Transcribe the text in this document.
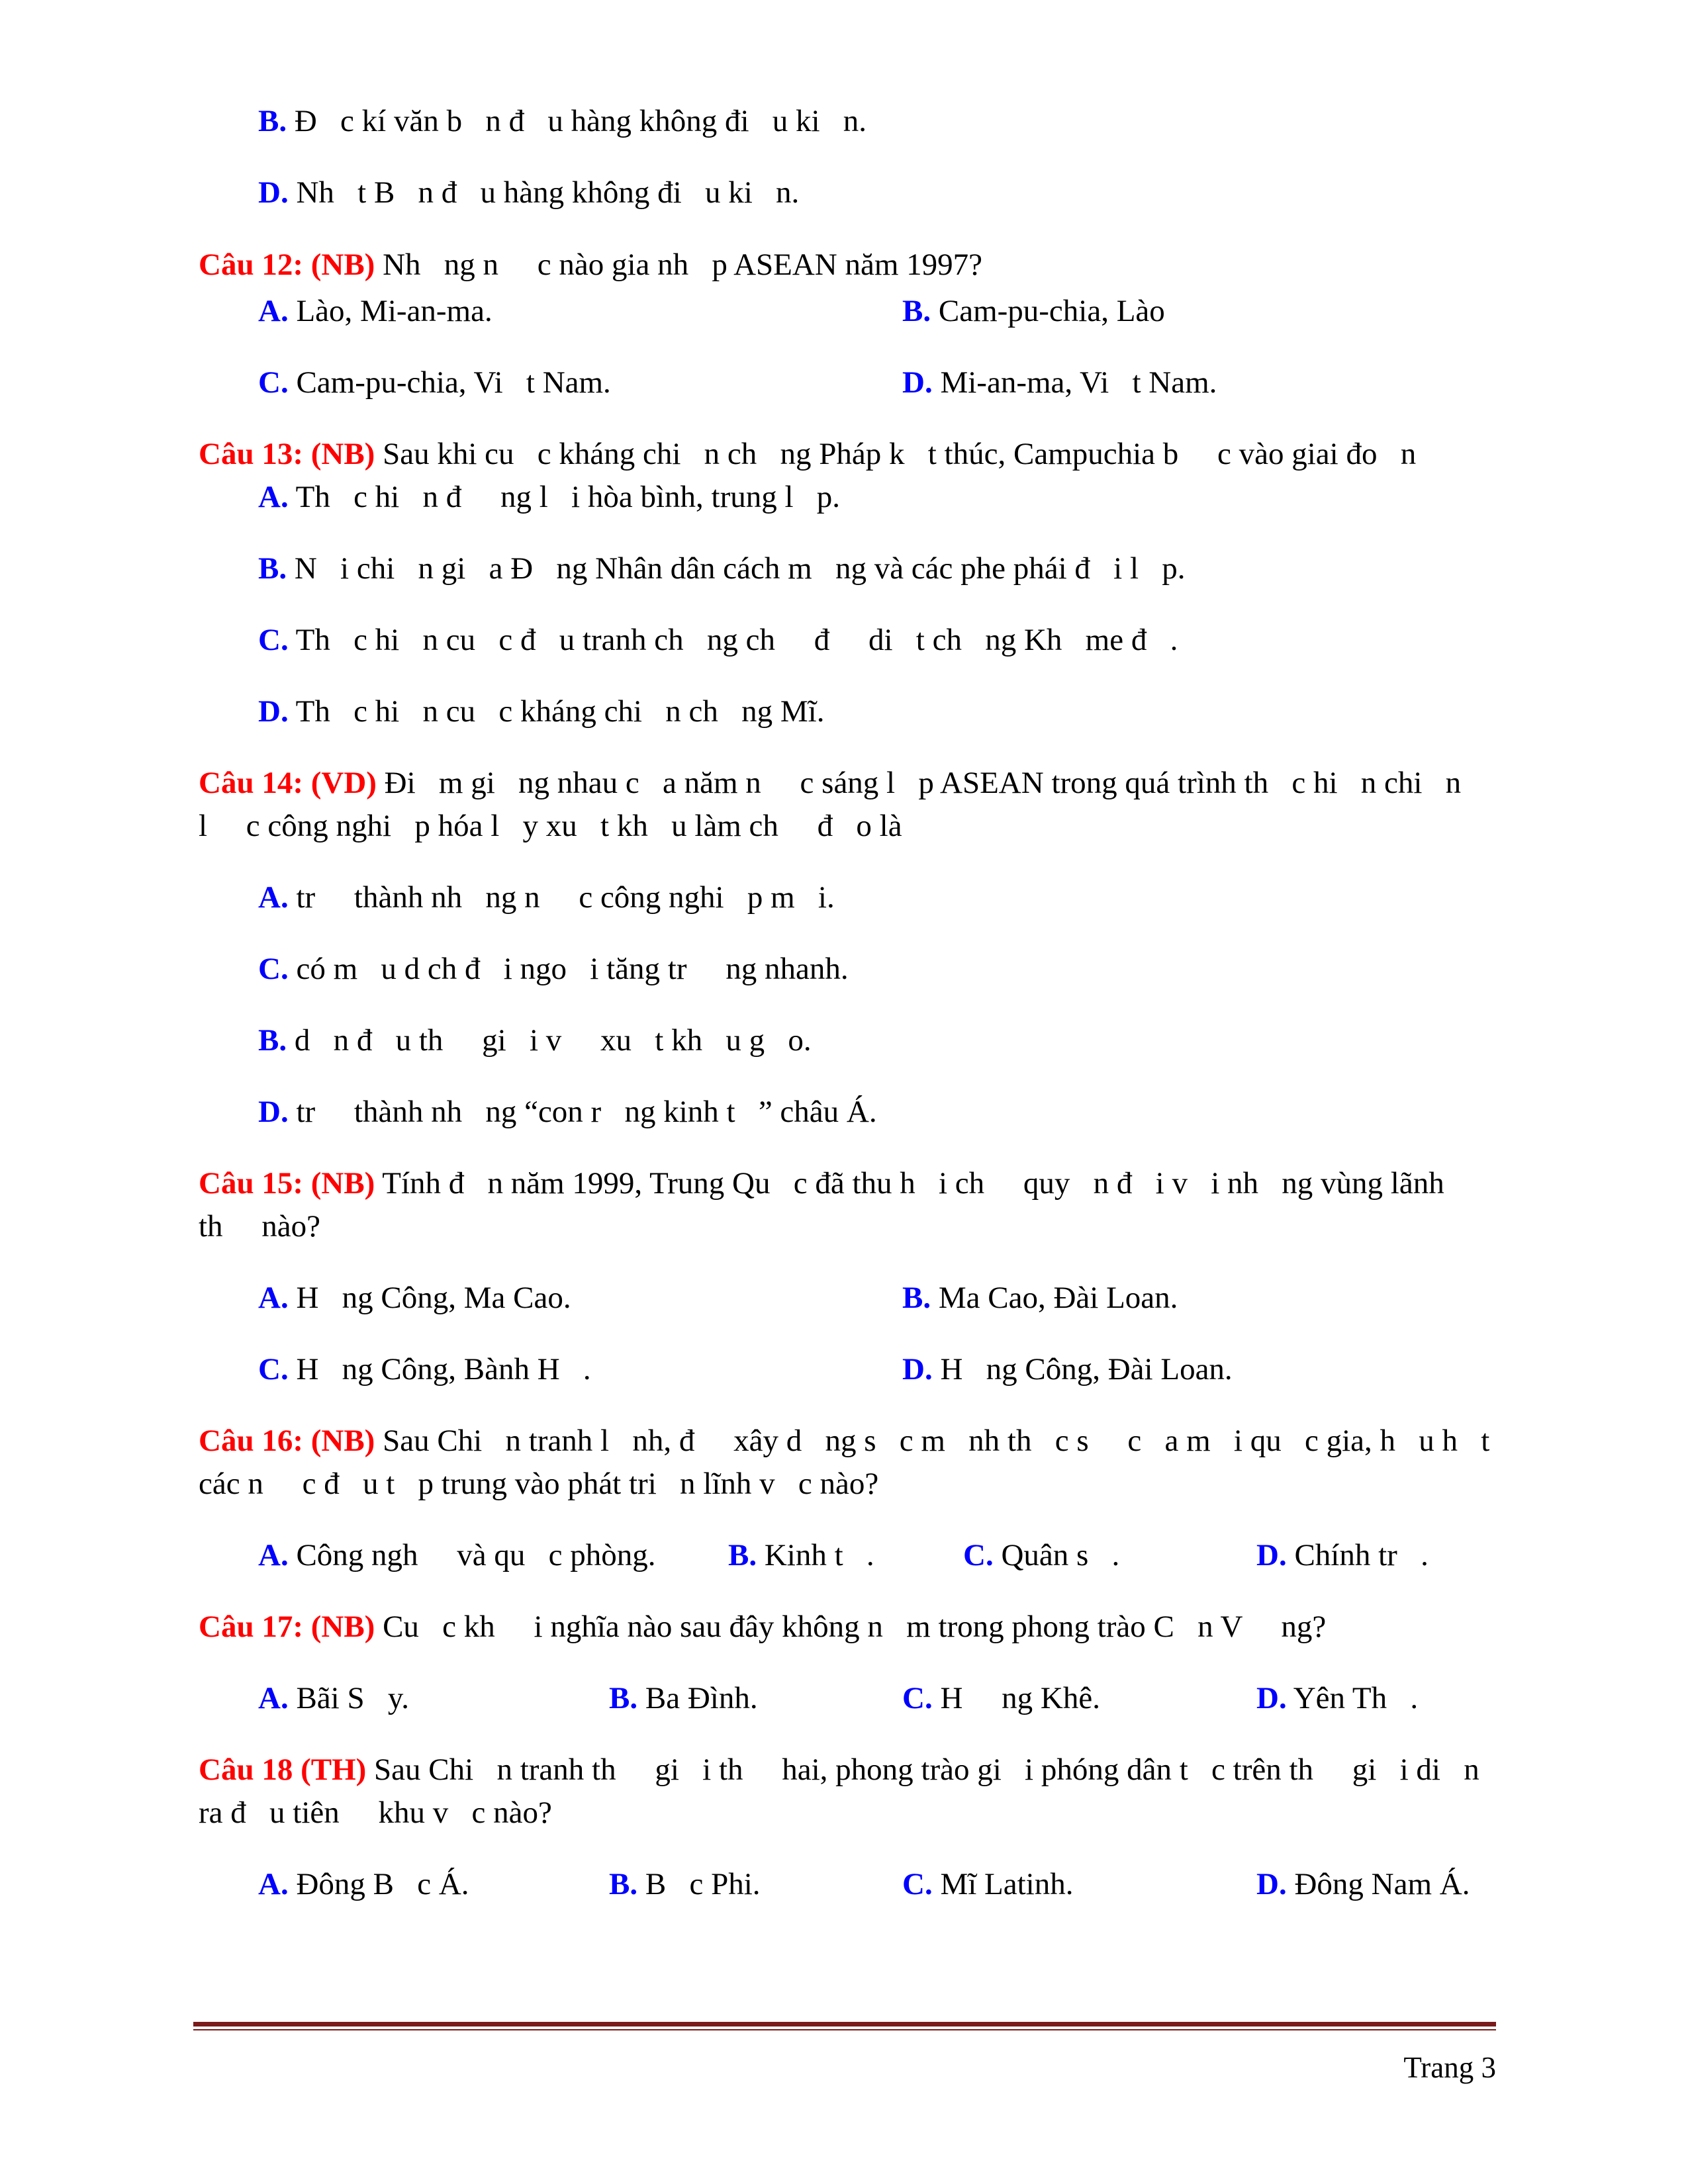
B. Đ   c kí văn b   n đ   u hàng không đi   u ki   n.
D. Nh   t B   n đ   u hàng không đi   u ki   n.
Câu 12: (NB) Nh   ng n     c nào gia nh   p ASEAN năm 1997?
A. Lào, Mi-an-ma.	B. Cam-pu-chia, Lào
C. Cam-pu-chia, Vi   t Nam.	D. Mi-an-ma, Vi   t Nam.
Câu 13: (NB) Sau khi cu   c kháng chi   n ch   ng Pháp k   t thúc, Campuchia b     c vào giai đo   n
A. Th   c hi   n đ     ng l   i hòa bình, trung l   p.
B. N   i chi   n gi   a Đ   ng Nhân dân cách m   ng và các phe phái đ   i l   p.
C. Th   c hi   n cu   c đ   u tranh ch   ng ch     đ     di   t ch   ng Kh   me đ   .
D. Th   c hi   n cu   c kháng chi   n ch   ng Mĩ.
Câu 14: (VD) Đi   m gi   ng nhau c   a năm n     c sáng l   p ASEAN trong quá trình th   c hi   n chi   n
l     c công nghi   p hóa l   y xu   t kh   u làm ch     đ   o là
A. tr     thành nh   ng n     c công nghi   p m   i.
C. có m   u d ch đ   i ngo   i tăng tr     ng nhanh.
B. d   n đ   u th     gi   i v     xu   t kh   u g   o.
D. tr     thành nh   ng “con r   ng kinh t   ” châu Á.
Câu 15: (NB) Tính đ   n năm 1999, Trung Qu   c đã thu h   i ch     quy   n đ   i v   i nh   ng vùng lãnh
th     nào?
A. H   ng Công, Ma Cao.	B. Ma Cao, Đài Loan.
C. H   ng Công, Bành H   .	D. H   ng Công, Đài Loan.
Câu 16: (NB) Sau Chi   n tranh l   nh, đ     xây d   ng s   c m   nh th   c s     c   a m   i qu   c gia, h   u h   t
các n     c đ   u t   p trung vào phát tri   n lĩnh v   c nào?
A. Công ngh     và qu   c phòng. B. Kinh t   .	C. Quân s   .	D. Chính tr   .
Câu 17: (NB) Cu   c kh     i nghĩa nào sau đây không n   m trong phong trào C   n V     ng?
A. Bãi S   y.	B. Ba Đình.	C. H     ng Khê.	D. Yên Th   .
Câu 18 (TH) Sau Chi   n tranh th     gi   i th     hai, phong trào gi   i phóng dân t   c trên th     gi   i di   n
ra đ   u tiên     khu v   c nào?
A. Đông B   c Á.	B. B   c Phi.	C. Mĩ Latinh.	D. Đông Nam Á.
Trang 3
